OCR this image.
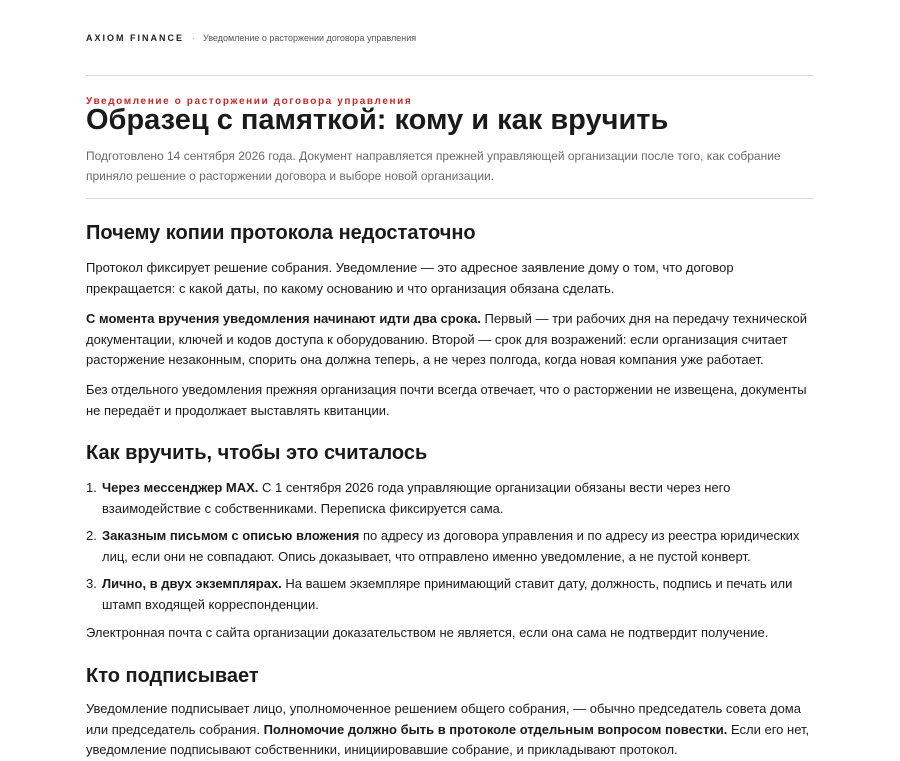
AXIOM FINANCE · Уведомление о расторжении договора управления
Уведомление о расторжении договора управления
Образец с памяткой: кому и как вручить

Подготовлено 14 сентября 2026 года. Документ направляется прежней управляющей организации после того, как собрание приняло решение о расторжении договора и выборе новой организации.

Почему копии протокола недостаточно

Протокол фиксирует решение собрания. Уведомление — это адресное заявление дому о том, что договор прекращается: с какой даты, по какому основанию и что организация обязана сделать.

С момента вручения уведомления начинают идти два срока. Первый — три рабочих дня на передачу технической документации, ключей и кодов доступа к оборудованию. Второй — срок для возражений: если организация считает расторжение незаконным, спорить она должна теперь, а не через полгода, когда новая компания уже работает.

Без отдельного уведомления прежняя организация почти всегда отвечает, что о расторжении не извещена, документы не передаёт и продолжает выставлять квитанции.

Как вручить, чтобы это считалось
1. Через мессенджер MAX. С 1 сентября 2026 года управляющие организации обязаны вести через него взаимодействие с собственниками. Переписка фиксируется сама.
2. Заказным письмом с описью вложения по адресу из договора управления и по адресу из реестра юридических лиц, если они не совпадают. Опись доказывает, что отправлено именно уведомление, а не пустой конверт.
3. Лично, в двух экземплярах. На вашем экземпляре принимающий ставит дату, должность, подпись и печать или штамп входящей корреспонденции.

Электронная почта с сайта организации доказательством не является, если она сама не подтвердит получение.

Кто подписывает

Уведомление подписывает лицо, уполномоченное решением общего собрания, — обычно председатель совета дома или председатель собрания. Полномочие должно быть в протоколе отдельным вопросом повестки. Если его нет, уведомление подписывают собственники, инициировавшие собрание, и прикладывают протокол.
